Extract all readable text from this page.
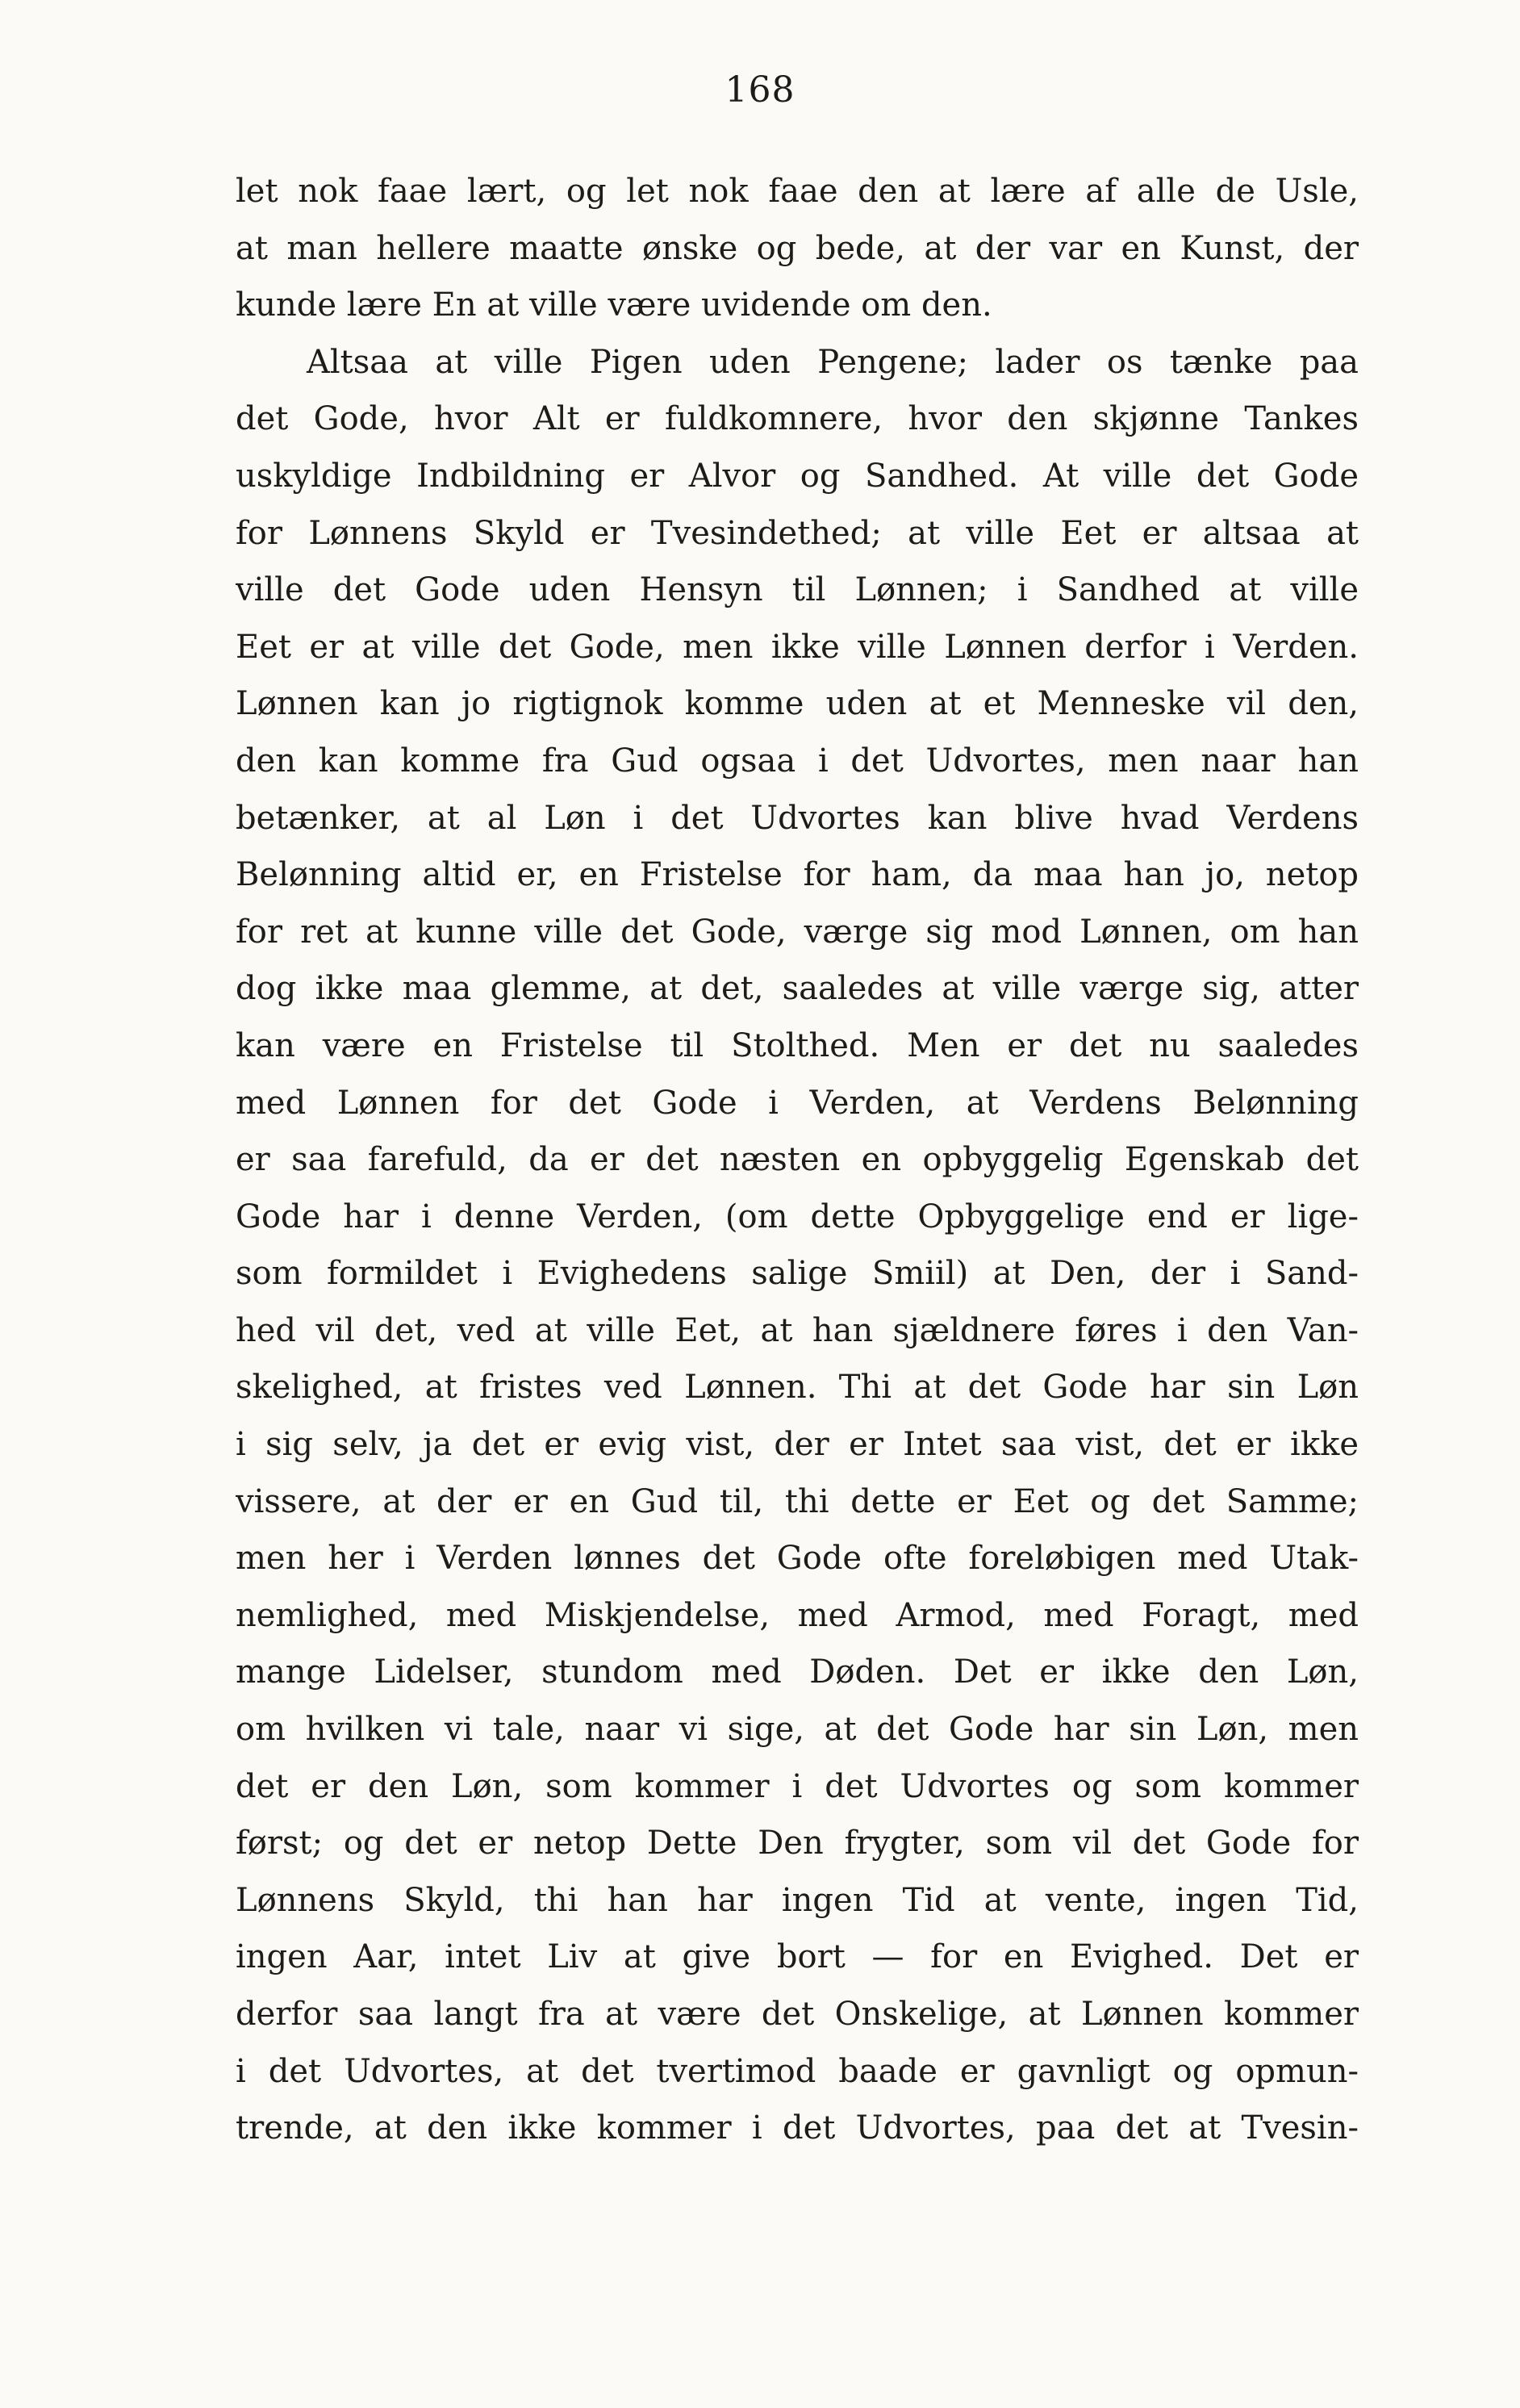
168
let nok faae lært, og let nok faae den at lære af alle de Usle,
at man hellere maatte ønske og bede, at der var en Kunst, der
kunde lære En at ville være uvidende om den.
Altsaa at ville Pigen uden Pengene; lader os tænke paa
det Gode, hvor Alt er fuldkomnere, hvor den skjønne Tankes
uskyldige Indbildning er Alvor og Sandhed. At ville det Gode
for Lønnens Skyld er Tvesindethed; at ville Eet er altsaa at
ville det Gode uden Hensyn til Lønnen; i Sandhed at ville
Eet er at ville det Gode, men ikke ville Lønnen derfor i Verden.
Lønnen kan jo rigtignok komme uden at et Menneske vil den,
den kan komme fra Gud ogsaa i det Udvortes, men naar han
betænker, at al Løn i det Udvortes kan blive hvad Verdens
Belønning altid er, en Fristelse for ham, da maa han jo, netop
for ret at kunne ville det Gode, værge sig mod Lønnen, om han
dog ikke maa glemme, at det, saaledes at ville værge sig, atter
kan være en Fristelse til Stolthed. Men er det nu saaledes
med Lønnen for det Gode i Verden, at Verdens Belønning
er saa farefuld, da er det næsten en opbyggelig Egenskab det
Gode har i denne Verden, (om dette Opbyggelige end er lige-
som formildet i Evighedens salige Smiil) at Den, der i Sand-
hed vil det, ved at ville Eet, at han sjældnere føres i den Van-
skelighed, at fristes ved Lønnen. Thi at det Gode har sin Løn
i sig selv, ja det er evig vist, der er Intet saa vist, det er ikke
vissere, at der er en Gud til, thi dette er Eet og det Samme;
men her i Verden lønnes det Gode ofte foreløbigen med Utak-
nemlighed, med Miskjendelse, med Armod, med Foragt, med
mange Lidelser, stundom med Døden. Det er ikke den Løn,
om hvilken vi tale, naar vi sige, at det Gode har sin Løn, men
det er den Løn, som kommer i det Udvortes og som kommer
først; og det er netop Dette Den frygter, som vil det Gode for
Lønnens Skyld, thi han har ingen Tid at vente, ingen Tid,
ingen Aar, intet Liv at give bort — for en Evighed. Det er
derfor saa langt fra at være det Onskelige, at Lønnen kommer
i det Udvortes, at det tvertimod baade er gavnligt og opmun-
trende, at den ikke kommer i det Udvortes, paa det at Tvesin-
